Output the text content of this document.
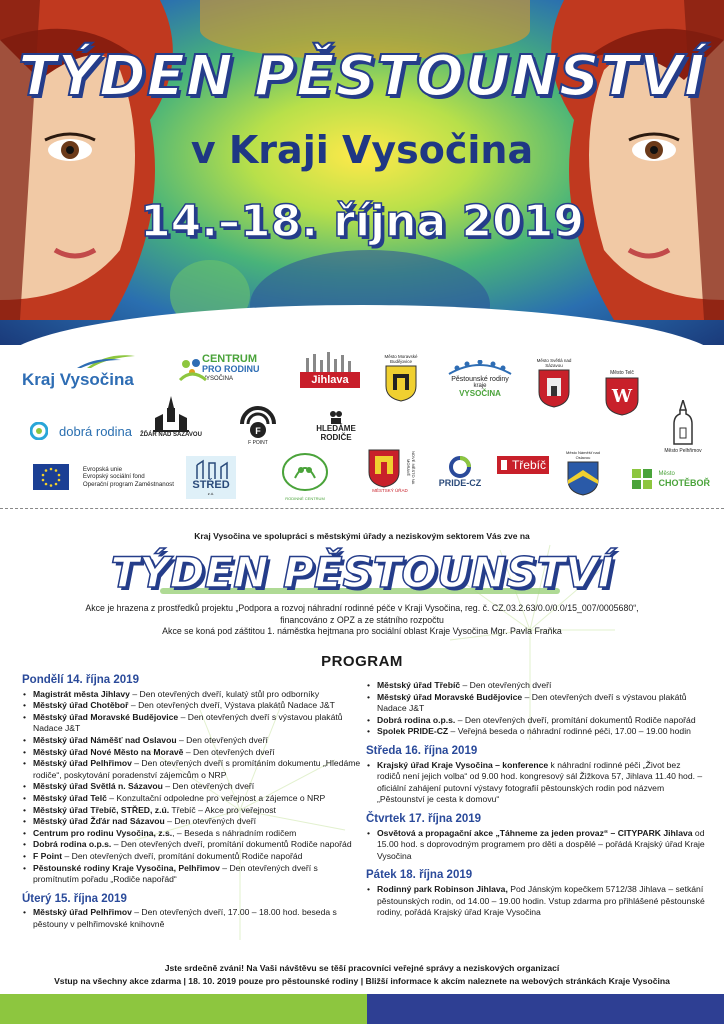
TÝDEN PĚSTOUNSTVÍ
v Kraji Vysočina
14.–18. října 2019
Kraj Vysočina
CENTRUM
PRO RODINU
VYSOČINA	Jihlava
Město Moravské Budějovice
Pěstounské rodiny
kraje
VYSOČINA
Město Světlá nad Sázavou
Město Telč
W
dobrá rodina ŽĎÁR NAD SÁZAVOU	F
F POINT
HLEDÁME
RODIČE
Město Pelhřimov
Evropská unie
Evropský sociální fond
Operační program Zaměstnanost	STŘED
z.ú.
RODINNÉ CENTRUM
NOVÉ MĚSTO NA MORAVĚ
MĚSTSKÝ ÚŘAD
PRIDE-CZ
Třebíč
Město Náměšť nad Oslavou
Město
CHOTĚBOŘ
Kraj Vysočina ve spolupráci s městskými úřady a neziskovým sektorem Vás zve na
TÝDEN PĚSTOUNSTVÍ
Akce je hrazena z prostředků projektu „Podpora a rozvoj náhradní rodinné péče v Kraji Vysočina, reg. č. CZ.03.2.63/0.0/0.0/15_007/0005680“,
financováno z OPZ a ze státního rozpočtu
Akce se koná pod záštitou 1. náměstka hejtmana pro sociální oblast Kraje Vysočina Mgr. Pavla Fraňka
PROGRAM
Pondělí 14. října 2019
• Magistrát města Jihlavy – Den otevřených dveří, kulatý stůl pro odborníky
• Městský úřad Chotěboř – Den otevřených dveří, Výstava plakátů Nadace J&T
• Městský úřad Moravské Budějovice – Den otevřených dveří s výstavou plakátů Nadace J&T
• Městský úřad Náměšť nad Oslavou – Den otevřených dveří
• Městský úřad Nové Město na Moravě – Den otevřených dveří
• Městský úřad Pelhřimov – Den otevřených dveří s promítáním dokumentu „Hledáme rodiče“, poskytování poradenství zájemcům o NRP
• Městský úřad Světlá n. Sázavou – Den otevřených dveří
• Městský úřad Telč – Konzultační odpoledne pro veřejnost a zájemce o NRP
• Městský úřad Třebíč, STŘED, z.ú. Třebíč – Akce pro veřejnost
• Městský úřad Žďár nad Sázavou – Den otevřených dveří
• Centrum pro rodinu Vysočina, z.s., – Beseda s náhradním rodičem
• Dobrá rodina o.p.s. – Den otevřených dveří, promítání dokumentů Rodiče napořád
• F Point – Den otevřených dveří, promítání dokumentů Rodiče napořád
• Pěstounské rodiny Kraje Vysočina, Pelhřimov – Den otevřených dveří s promítnutím pořadu „Rodiče napořád“
Úterý 15. října 2019
• Městský úřad Pelhřimov – Den otevřených dveří, 17.00 – 18.00 hod. beseda s pěstouny v pelhřimovské knihovně
• Městský úřad Třebíč – Den otevřených dveří
• Městský úřad Moravské Budějovice – Den otevřených dveří s výstavou plakátů Nadace J&T
• Dobrá rodina o.p.s. – Den otevřených dveří, promítání dokumentů Rodiče napořád
• Spolek PRIDE-CZ – Veřejná beseda o náhradní rodinné péči, 17.00 – 19.00 hodin
Středa 16. října 2019
• Krajský úřad Kraje Vysočina – konference k náhradní rodinné péči „Život bez rodičů není jejich volba“ od 9.00 hod. kongresový sál Žižkova 57, Jihlava 11.40 hod. – oficiální zahájení putovní výstavy fotografií pěstounských rodin pod názvem „Pěstounství je cesta k domovu“
Čtvrtek 17. října 2019
• Osvětová a propagační akce „Táhneme za jeden provaz“ – CITYPARK Jihlava od 15.00 hod. s doprovodným programem pro děti a dospělé – pořádá Krajský úřad Kraje Vysočina
Pátek 18. října 2019
• Rodinný park Robinson Jihlava, Pod Jánským kopečkem 5712/38 Jihlava – setkání pěstounských rodin, od 14.00 – 19.00 hodin. Vstup zdarma pro přihlášené pěstounské rodiny, pořádá Krajský úřad Kraje Vysočina
Jste srdečně zváni! Na Vaši návštěvu se těší pracovníci veřejné správy a neziskových organizací
Vstup na všechny akce zdarma | 18. 10. 2019 pouze pro pěstounské rodiny | Bližší informace k akcím naleznete na webových stránkách Kraje Vysočina
